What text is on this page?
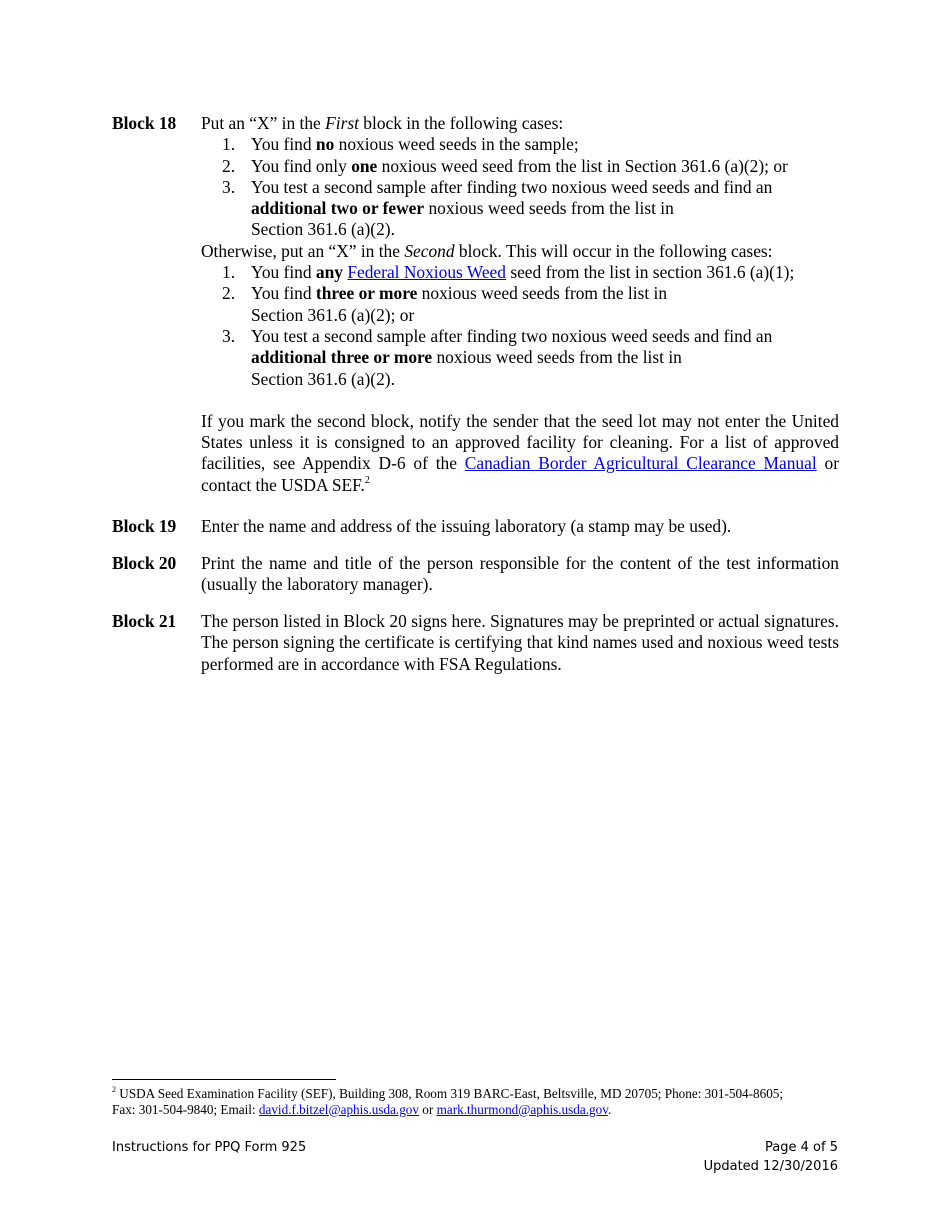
Block 18 Put an “X” in the First block in the following cases:
1. You find no noxious weed seeds in the sample;
2. You find only one noxious weed seed from the list in Section 361.6 (a)(2); or
3. You test a second sample after finding two noxious weed seeds and find an
additional two or fewer noxious weed seeds from the list in
Section 361.6 (a)(2).
Otherwise, put an “X” in the Second block. This will occur in the following cases:
1. You find any Federal Noxious Weed seed from the list in section 361.6 (a)(1);
2. You find three or more noxious weed seeds from the list in
Section 361.6 (a)(2); or
3. You test a second sample after finding two noxious weed seeds and find an
additional three or more noxious weed seeds from the list in
Section 361.6 (a)(2).

If you mark the second block, notify the sender that the seed lot may not enter the United States unless it is consigned to an approved facility for cleaning. For a list of approved facilities, see Appendix D-6 of the Canadian Border Agricultural Clearance Manual or contact the USDA SEF.$^2$

Block 19 Enter the name and address of the issuing laboratory (a stamp may be used).
Block 20 Print the name and title of the person responsible for the content of the test information (usually the laboratory manager).
Block 21 The person listed in Block 20 signs here. Signatures may be preprinted or actual signatures. The person signing the certificate is certifying that kind names used and noxious weed tests performed are in accordance with FSA Regulations.
$^2$ USDA Seed Examination Facility (SEF), Building 308, Room 319 BARC-East, Beltsville, MD 20705; Phone: 301-504-8605;
Fax: 301-504-9840; Email: david.f.bitzel@aphis.usda.gov or mark.thurmond@aphis.usda.gov.
Instructions for PPQ Form 925	Page 4 of 5
Updated 12/30/2016
